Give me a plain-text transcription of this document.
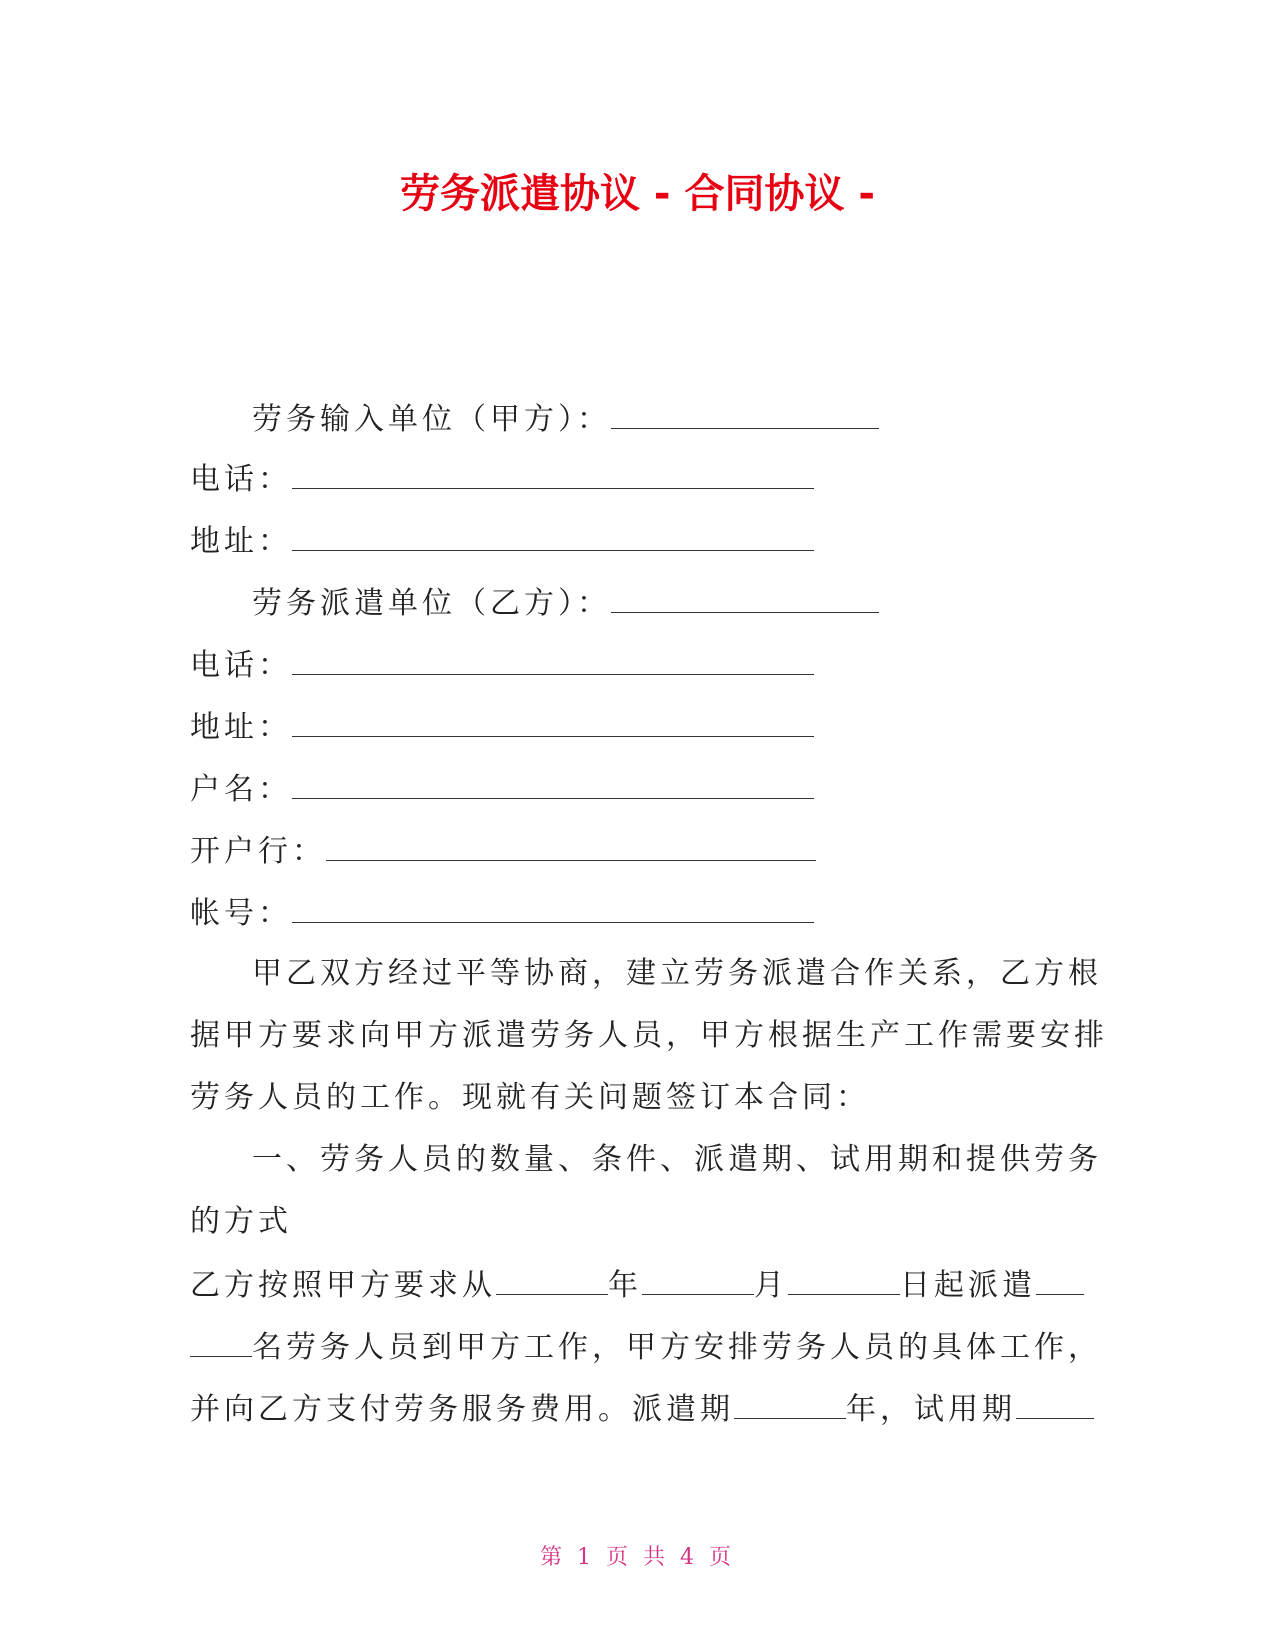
劳务派遣协议 - 合同协议 -
劳务输入单位（甲方）：
电话：
地址：
劳务派遣单位（乙方）：
电话：
地址：
户名：
开户行：
帐号：
甲乙双方经过平等协商，建立劳务派遣合作关系，乙方根
据甲方要求向甲方派遣劳务人员，甲方根据生产工作需要安排
劳务人员的工作。现就有关问题签订本合同：
一、劳务人员的数量、条件、派遣期、试用期和提供劳务
的方式
乙方按照甲方要求从	年	月	日起派遣
名劳务人员到甲方工作，甲方安排劳务人员的具体工作，
并向乙方支付劳务服务费用。派遣期	年，试用期
第 1 页 共 4 页
